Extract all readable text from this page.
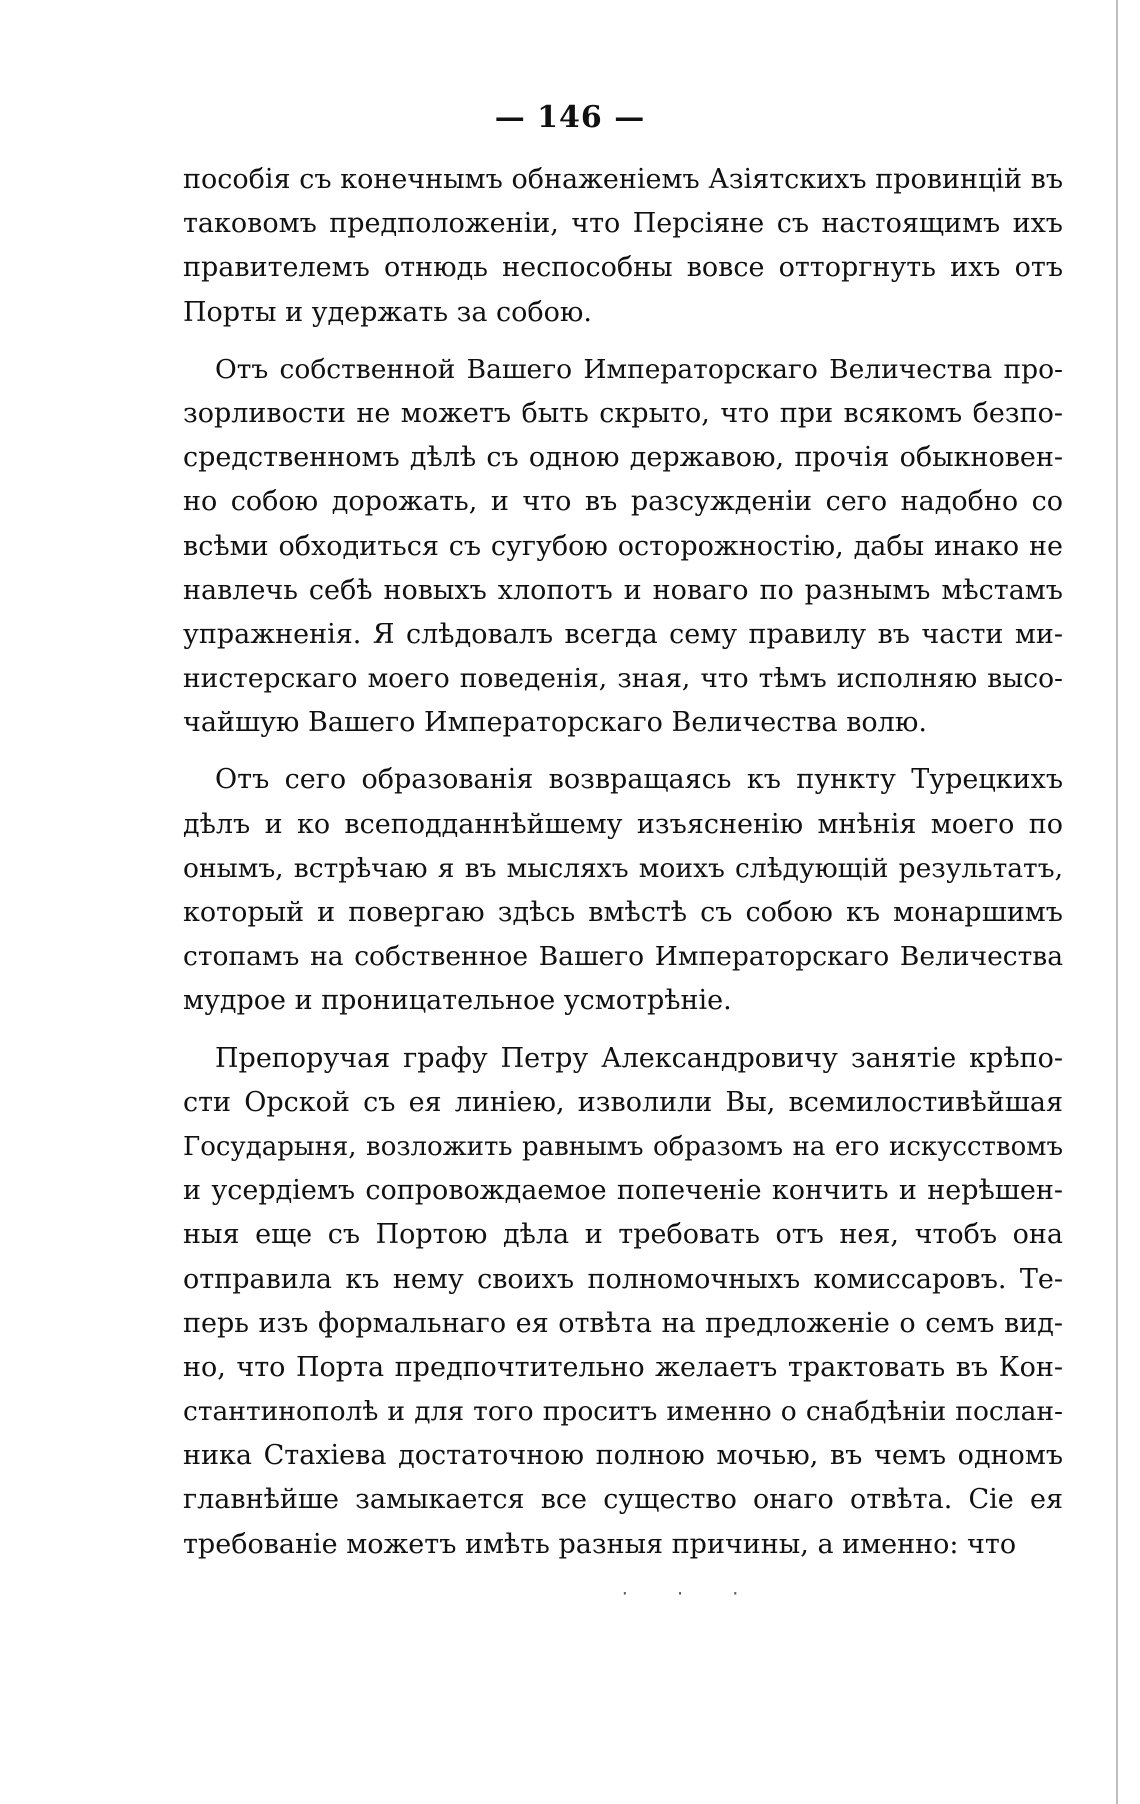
— 146 —
пособія съ конечнымъ обнаженіемъ Азіятскихъ провинцій въ
таковомъ предположеніи, что Персіяне съ настоящимъ ихъ
правителемъ отнюдь неспособны вовсе отторгнуть ихъ отъ
Порты и удержать за собою.
Отъ собственной Вашего Императорскаго Величества про-
зорливости не можетъ быть скрыто, что при всякомъ безпо-
средственномъ дѣлѣ съ одною державою, прочія обыкновен-
но собою дорожать, и что въ разсужденіи сего надобно со
всѣми обходиться съ сугубою осторожностію, дабы инако не
навлечь себѣ новыхъ хлопотъ и новаго по разнымъ мѣстамъ
упражненія. Я слѣдовалъ всегда сему правилу въ части ми-
нистерскаго моего поведенія, зная, что тѣмъ исполняю высо-
чайшую Вашего Императорскаго Величества волю.
Отъ сего образованія возвращаясь къ пункту Турецкихъ
дѣлъ и ко всеподданнѣйшему изъясненію мнѣнія моего по
онымъ, встрѣчаю я въ мысляхъ моихъ слѣдующій результатъ,
который и повергаю здѣсь вмѣстѣ съ собою къ монаршимъ
стопамъ на собственное Вашего Императорскаго Величества
мудрое и проницательное усмотрѣніе.
Препоручая графу Петру Александровичу занятіе крѣпо-
сти Орской съ ея линіею, изволили Вы, всемилостивѣйшая
Государыня, возложить равнымъ образомъ на его искусствомъ
и усердіемъ сопровождаемое попеченіе кончить и нерѣшен-
ныя еще съ Портою дѣла и требовать отъ нея, чтобъ она
отправила къ нему своихъ полномочныхъ комиссаровъ. Те-
перь изъ формальнаго ея отвѣта на предложеніе о семъ вид-
но, что Порта предпочтительно желаетъ трактовать въ Кон-
стантинополѣ и для того проситъ именно о снабдѣніи послан-
ника Стахіева достаточною полною мочью, въ чемъ одномъ
главнѣйше замыкается все существо онаго отвѣта. Сіе ея
требованіе можетъ имѣть разныя причины, а именно: что
· · ·
